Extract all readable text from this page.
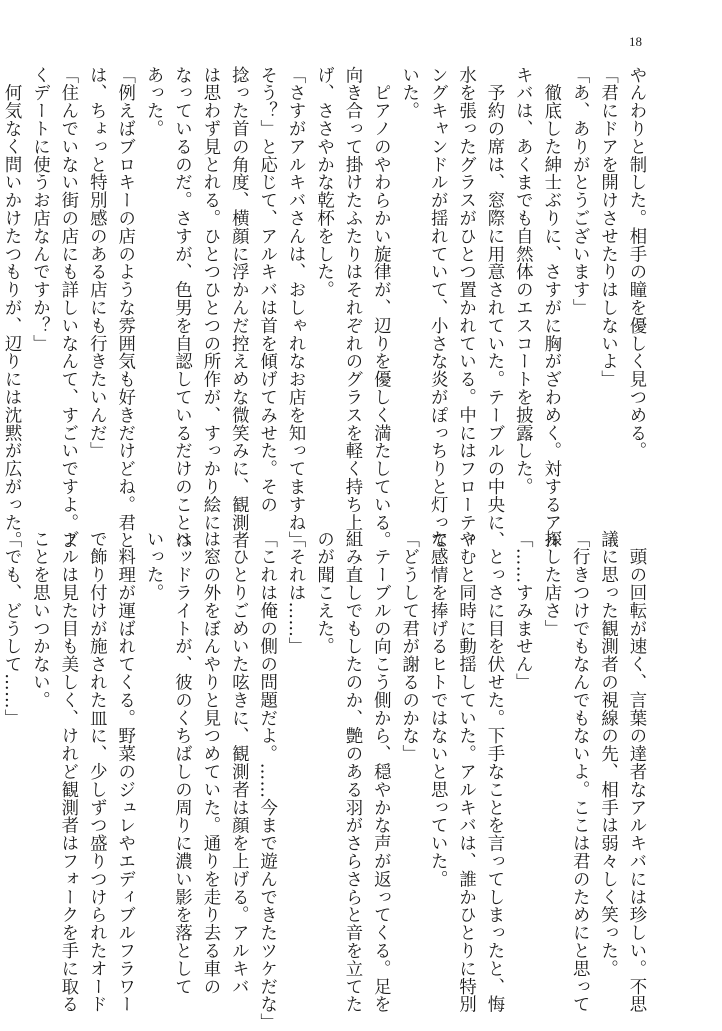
18
やんわりと制した。相手の瞳を優しく見つめる。
「君にドアを開けさせたりはしないよ」
「あ、ありがとうございます」
　徹底した紳士ぶりに、さすがに胸がざわめく。対するアル
キバは、あくまでも自然体のエスコートを披露した。
　予約の席は、窓際に用意されていた。テーブルの中央に、
水を張ったグラスがひとつ置かれている。中にはフローティ
ングキャンドルが揺れていて、小さな炎がぽっちりと灯って
いた。
　ピアノのやわらかい旋律が、辺りを優しく満たしている。
向き合って掛けたふたりはそれぞれのグラスを軽く持ち上
げ、ささやかな乾杯をした。
「さすがアルキバさんは、おしゃれなお店を知ってますね」
そう？」と応じて、アルキバは首を傾げてみせた。その
捻った首の角度、横顔に浮かんだ控えめな微笑みに、観測者
は思わず見とれる。ひとつひとつの所作が、すっかり絵に
なっているのだ。さすが、色男を自認しているだけのことは
あった。
「例えばブロキーの店のような雰囲気も好きだけどね。君と
は、ちょっと特別感のある店にも行きたいんだ」
「住んでいない街の店にも詳しいなんて、すごいですよ。よ
くデートに使うお店なんですか？」
　何気なく問いかけたつもりが、辺りには沈黙が広がった。
　頭の回転が速く、言葉の達者なアルキバには珍しい。不思
議に思った観測者の視線の先、相手は弱々しく笑った。
「行きつけでもなんでもないよ。ここは君のためにと思って
探した店さ」
「……すみません」
　とっさに目を伏せた。下手なことを言ってしまったと、悔
やむと同時に動揺していた。アルキバは、誰かひとりに特別
な感情を捧げるヒトではないと思っていた。
「どうして君が謝るのかな」
　テーブルの向こう側から、穏やかな声が返ってくる。足を
組み直しでもしたのか、艶のある羽がさらさらと音を立てた
のが聞こえた。
「それは……」
「これは俺の側の問題だよ。……今まで遊んできたツケだな」
　ひとりごめいた呟きに、観測者は顔を上げる。アルキバ
は窓の外をぼんやりと見つめていた。通りを走り去る車の
ヘッドライトが、彼のくちばしの周りに濃い影を落として
いった。
　料理が運ばれてくる。野菜のジュレやエディブルフラワー
で飾り付けが施された皿に、少しずつ盛りつけられたオード
ブルは見た目も美しく、けれど観測者はフォークを手に取る
ことを思いつかない。
「でも、どうして……」
